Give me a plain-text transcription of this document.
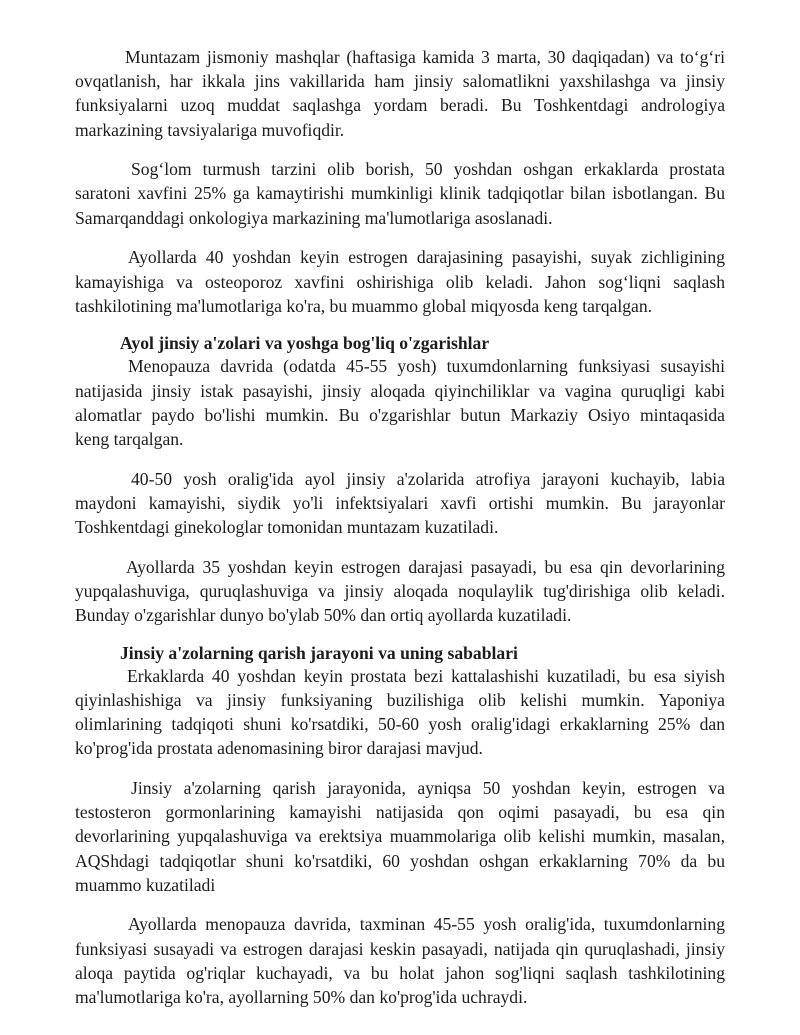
Muntazam jismoniy mashqlar (haftasiga kamida 3 marta, 30 daqiqadan) va to‘g‘ri
ovqatlanish, har ikkala jins vakillarida ham jinsiy salomatlikni yaxshilashga va jinsiy
funksiyalarni uzoq muddat saqlashga yordam beradi. Bu Toshkentdagi andrologiya
markazining tavsiyalariga muvofiqdir.
Sog‘lom turmush tarzini olib borish, 50 yoshdan oshgan erkaklarda prostata
saratoni xavfini 25% ga kamaytirishi mumkinligi klinik tadqiqotlar bilan isbotlangan. Bu
Samarqanddagi onkologiya markazining ma'lumotlariga asoslanadi.
Ayollarda 40 yoshdan keyin estrogen darajasining pasayishi, suyak zichligining
kamayishiga va osteoporoz xavfini oshirishiga olib keladi. Jahon sog‘liqni saqlash
tashkilotining ma'lumotlariga ko'ra, bu muammo global miqyosda keng tarqalgan.
Ayol jinsiy a'zolari va yoshga bog'liq o'zgarishlar
Menopauza davrida (odatda 45-55 yosh) tuxumdonlarning funksiyasi susayishi
natijasida jinsiy istak pasayishi, jinsiy aloqada qiyinchiliklar va vagina quruqligi kabi
alomatlar paydo bo'lishi mumkin. Bu o'zgarishlar butun Markaziy Osiyo mintaqasida
keng tarqalgan.
40-50 yosh oralig'ida ayol jinsiy a'zolarida atrofiya jarayoni kuchayib, labia
maydoni kamayishi, siydik yo'li infektsiyalari xavfi ortishi mumkin. Bu jarayonlar
Toshkentdagi ginekologlar tomonidan muntazam kuzatiladi.
Ayollarda 35 yoshdan keyin estrogen darajasi pasayadi, bu esa qin devorlarining
yupqalashuviga, quruqlashuviga va jinsiy aloqada noqulaylik tug'dirishiga olib keladi.
Bunday o'zgarishlar dunyo bo'ylab 50% dan ortiq ayollarda kuzatiladi.
Jinsiy a'zolarning qarish jarayoni va uning sabablari
Erkaklarda 40 yoshdan keyin prostata bezi kattalashishi kuzatiladi, bu esa siyish
qiyinlashishiga va jinsiy funksiyaning buzilishiga olib kelishi mumkin. Yaponiya
olimlarining tadqiqoti shuni ko'rsatdiki, 50-60 yosh oralig'idagi erkaklarning 25% dan
ko'prog'ida prostata adenomasining biror darajasi mavjud.
Jinsiy a'zolarning qarish jarayonida, ayniqsa 50 yoshdan keyin, estrogen va
testosteron gormonlarining kamayishi natijasida qon oqimi pasayadi, bu esa qin
devorlarining yupqalashuviga va erektsiya muammolariga olib kelishi mumkin, masalan,
AQShdagi tadqiqotlar shuni ko'rsatdiki, 60 yoshdan oshgan erkaklarning 70% da bu
muammo kuzatiladi
Ayollarda menopauza davrida, taxminan 45-55 yosh oralig'ida, tuxumdonlarning
funksiyasi susayadi va estrogen darajasi keskin pasayadi, natijada qin quruqlashadi, jinsiy
aloqa paytida og'riqlar kuchayadi, va bu holat jahon sog'liqni saqlash tashkilotining
ma'lumotlariga ko'ra, ayollarning 50% dan ko'prog'ida uchraydi.
